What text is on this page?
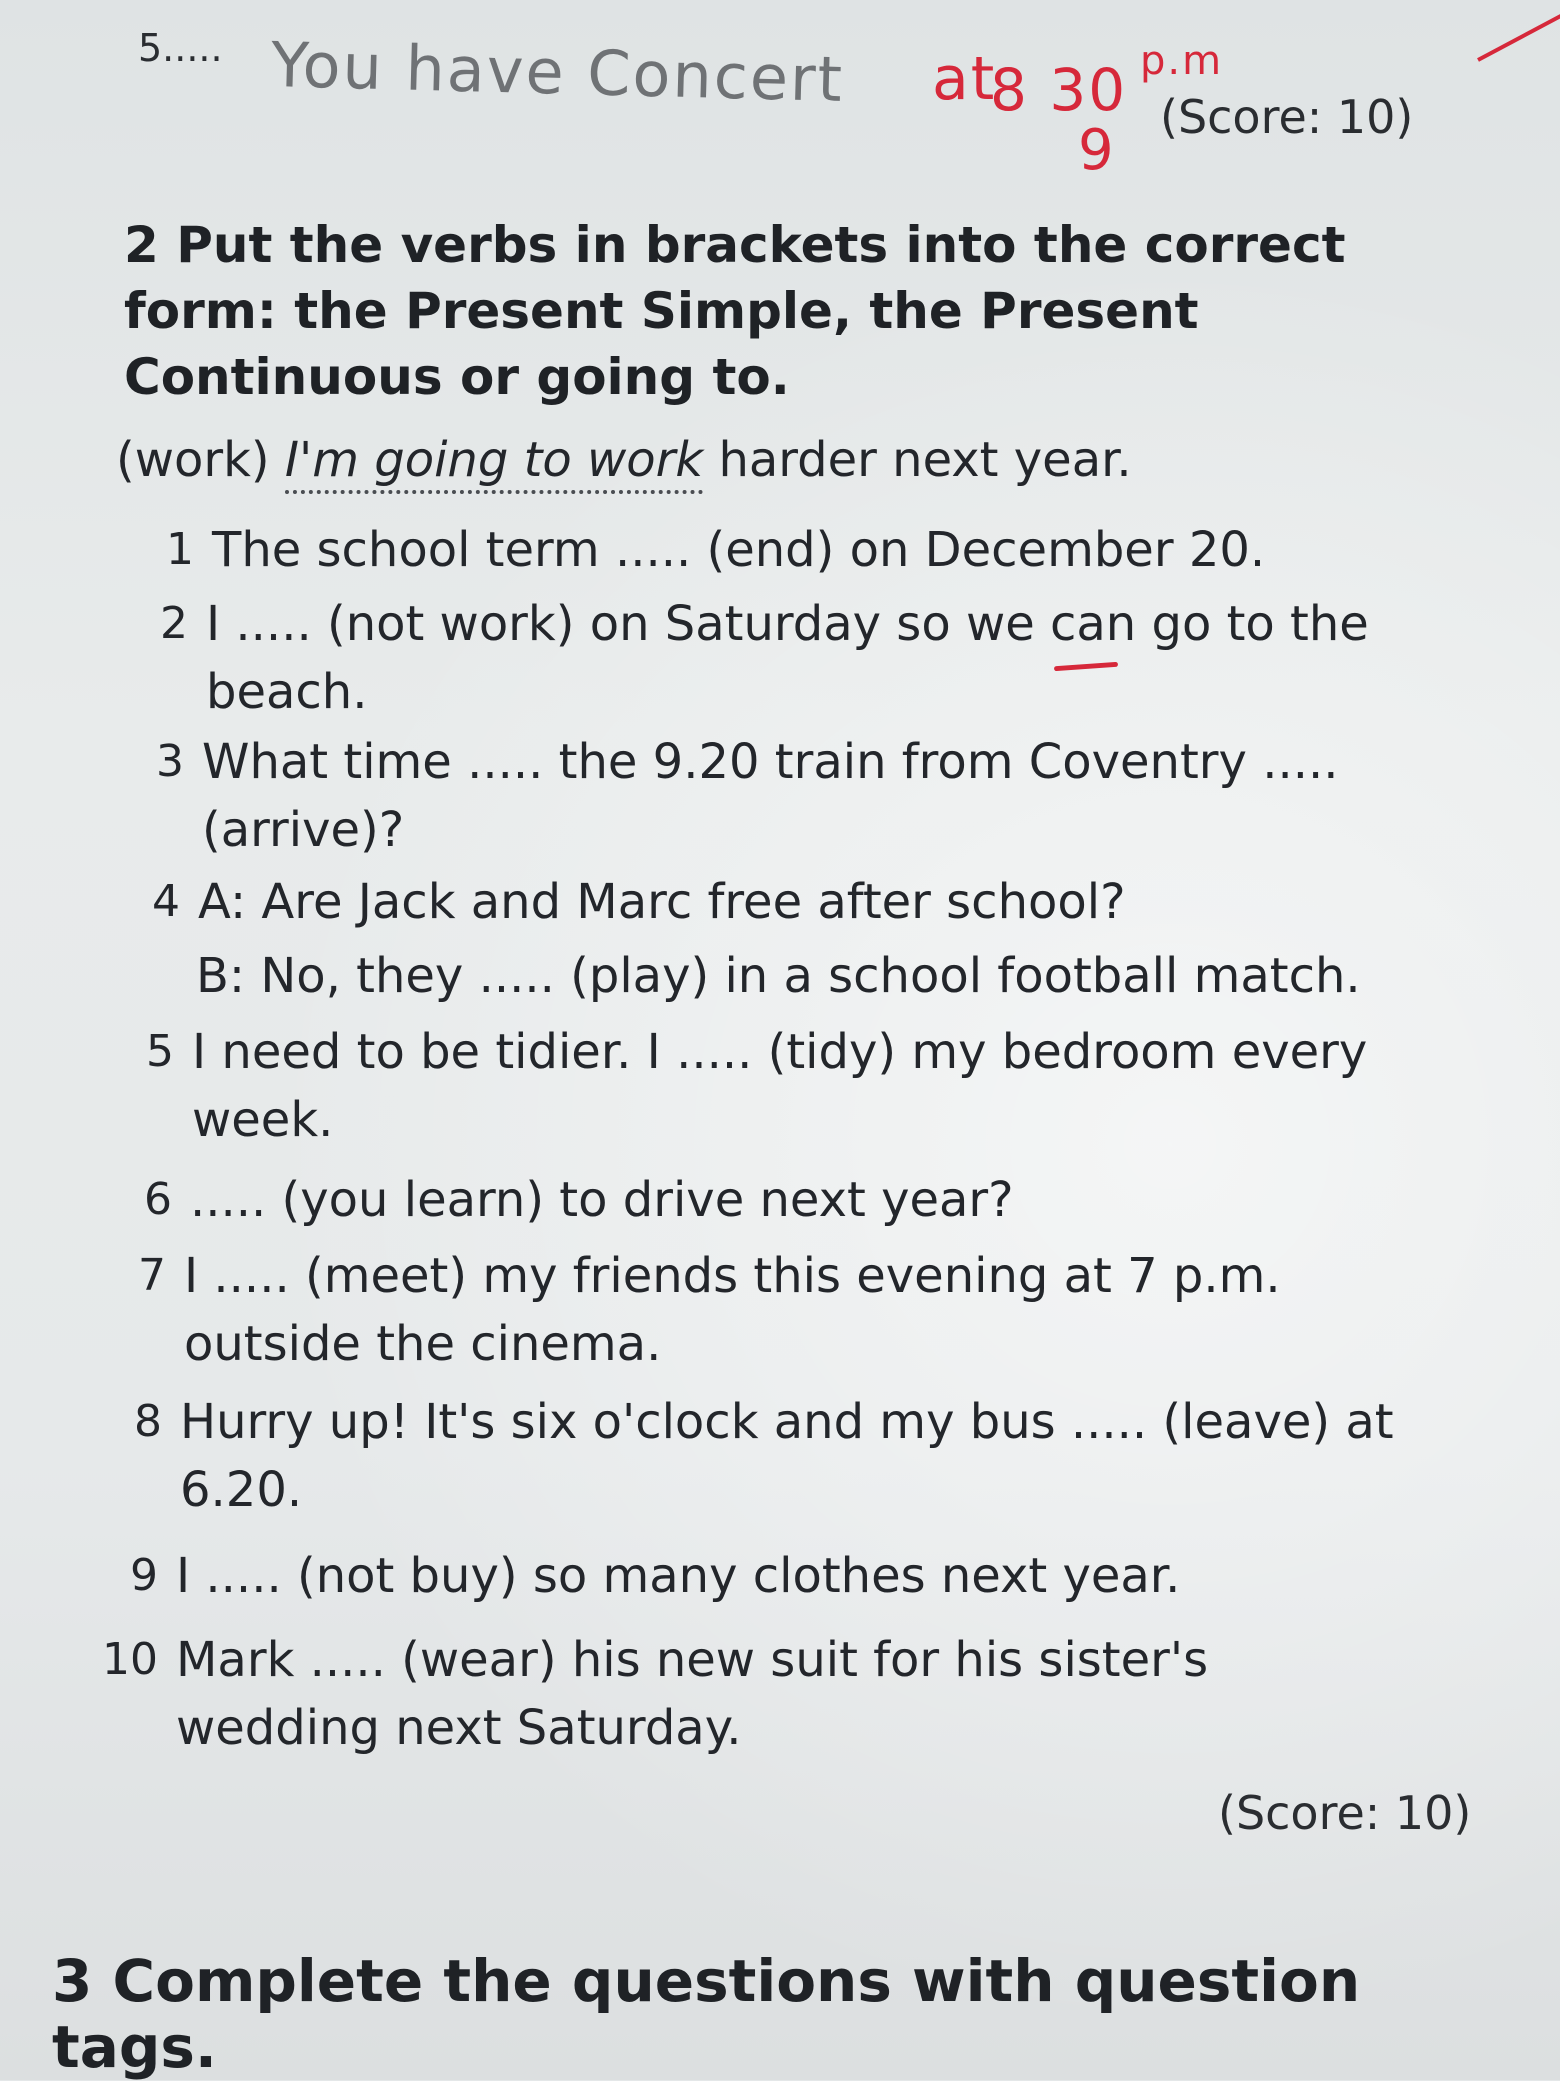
5..... You have Concert at
8 30 p.m
9
(Score: 10)
2 Put the verbs in brackets into the correct form: the Present Simple, the Present Continuous or going to.
(work) I'm going to work harder next year.
1 The school term ..... (end) on December 20.
2 I ..... (not work) on Saturday so we can go to the beach.
3 What time ..... the 9.20 train from Coventry ..... (arrive)?
4 A: Are Jack and Marc free after school?
B: No, they ..... (play) in a school football match.
5 I need to be tidier. I ..... (tidy) my bedroom every week.
6 ..... (you learn) to drive next year?
7 I ..... (meet) my friends this evening at 7 p.m. outside the cinema.
8 Hurry up! It's six o'clock and my bus ..... (leave) at 6.20.
9 I ..... (not buy) so many clothes next year.
10 Mark ..... (wear) his new suit for his sister's wedding next Saturday.
(Score: 10)
3 Complete the questions with question tags.
